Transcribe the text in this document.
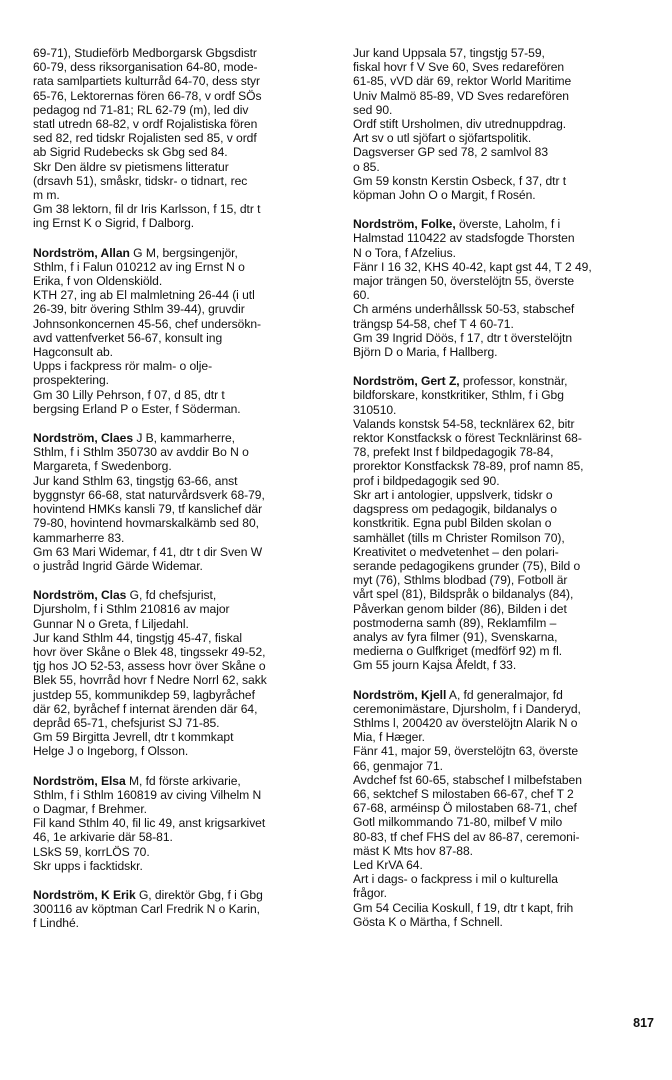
69-71), Studieförb Medborgarsk Gbgsdistr

60-79, dess riksorganisation 64-80, mode-

rata samlpartiets kulturråd 64-70, dess styr

65-76, Lektorernas fören 66-78, v ordf SÖs

pedagog nd 71-81; RL 62-79 (m), led div

statl utredn 68-82, v ordf Rojalistiska fören

sed 82, red tidskr Rojalisten sed 85, v ordf

ab Sigrid Rudebecks sk Gbg sed 84.

Skr Den äldre sv pietismens litteratur

(drsavh 51), småskr, tidskr- o tidnart, rec

m m.

Gm 38 lektorn, fil dr Iris Karlsson, f 15, dtr t

ing Ernst K o Sigrid, f Dalborg.

Nordström, Allan G M, bergsingenjör,

Sthlm, f i Falun 010212 av ing Ernst N o

Erika, f von Oldenskiöld.

KTH 27, ing ab El malmletning 26-44 (i utl

26-39, bitr övering Sthlm 39-44), gruvdir

Johnsonkoncernen 45-56, chef undersökn-

avd vattenfverket 56-67, konsult ing

Hagconsult ab.

Upps i fackpress rör malm- o olje-

prospektering.

Gm 30 Lilly Pehrson, f 07, d 85, dtr t

bergsing Erland P o Ester, f Söderman.

Nordström, Claes J B, kammarherre,

Sthlm, f i Sthlm 350730 av avddir Bo N o

Margareta, f Swedenborg.

Jur kand Sthlm 63, tingstjg 63-66, anst

byggnstyr 66-68, stat naturvårdsverk 68-79,

hovintend HMKs kansli 79, tf kanslichef där

79-80, hovintend hovmarskalkämb sed 80,

kammarherre 83.

Gm 63 Mari Widemar, f 41, dtr t dir Sven W

o justråd Ingrid Gärde Widemar.

Nordström, Clas G, fd chefsjurist,

Djursholm, f i Sthlm 210816 av major

Gunnar N o Greta, f Liljedahl.

Jur kand Sthlm 44, tingstjg 45-47, fiskal

hovr över Skåne o Blek 48, tingssekr 49-52,

tjg hos JO 52-53, assess hovr över Skåne o

Blek 55, hovrråd hovr f Nedre Norrl 62, sakk

justdep 55, kommunikdep 59, lagbyråchef

där 62, byråchef f internat ärenden där 64,

depråd 65-71, chefsjurist SJ 71-85.

Gm 59 Birgitta Jevrell, dtr t kommkapt

Helge J o Ingeborg, f Olsson.

Nordström, Elsa M, fd förste arkivarie,

Sthlm, f i Sthlm 160819 av civing Vilhelm N

o Dagmar, f Brehmer.

Fil kand Sthlm 40, fil lic 49, anst krigsarkivet

46, 1e arkivarie där 58-81.

LSkS 59, korrLÖS 70.

Skr upps i facktidskr.

Nordström, K Erik G, direktör Gbg, f i Gbg

300116 av köptman Carl Fredrik N o Karin,

f Lindhé.

Jur kand Uppsala 57, tingstjg 57-59,

fiskal hovr f V Sve 60, Sves redarefören

61-85, vVD där 69, rektor World Maritime

Univ Malmö 85-89, VD Sves redarefören

sed 90.

Ordf stift Ursholmen, div utrednuppdrag.

Art sv o utl sjöfart o sjöfartspolitik.

Dagsverser GP sed 78, 2 samlvol 83

o 85.

Gm 59 konstn Kerstin Osbeck, f 37, dtr t

köpman John O o Margit, f Rosén.

Nordström, Folke, överste, Laholm, f i

Halmstad 110422 av stadsfogde Thorsten

N o Tora, f Afzelius.

Fänr I 16 32, KHS 40-42, kapt gst 44, T 2 49,

major trängen 50, överstelöjtn 55, överste

60.

Ch arméns underhållssk 50-53, stabschef

trängsp 54-58, chef T 4 60-71.

Gm 39 Ingrid Döös, f 17, dtr t överstelöjtn

Björn D o Maria, f Hallberg.

Nordström, Gert Z, professor, konstnär,

bildforskare, konstkritiker, Sthlm, f i Gbg

310510.

Valands konstsk 54-58, tecknlärex 62, bitr

rektor Konstfacksk o förest Tecknlärinst 68-

78, prefekt Inst f bildpedagogik 78-84,

prorektor Konstfacksk 78-89, prof namn 85,

prof i bildpedagogik sed 90.

Skr art i antologier, uppslverk, tidskr o

dagspress om pedagogik, bildanalys o

konstkritik. Egna publ Bilden skolan o

samhället (tills m Christer Romilson 70),

Kreativitet o medvetenhet – den polari-

serande pedagogikens grunder (75), Bild o

myt (76), Sthlms blodbad (79), Fotboll är

vårt spel (81), Bildspråk o bildanalys (84),

Påverkan genom bilder (86), Bilden i det

postmoderna samh (89), Reklamfilm –

analys av fyra filmer (91), Svenskarna,

medierna o Gulfkriget (medförf 92) m fl.

Gm 55 journ Kajsa Åfeldt, f 33.

Nordström, Kjell A, fd generalmajor, fd

ceremonimästare, Djursholm, f i Danderyd,

Sthlms l, 200420 av överstelöjtn Alarik N o

Mia, f Hæger.

Fänr 41, major 59, överstelöjtn 63, överste

66, genmajor 71.

Avdchef fst 60-65, stabschef I milbefstaben

66, sektchef S milostaben 66-67, chef T 2

67-68, arméinsp Ö milostaben 68-71, chef

Gotl milkommando 71-80, milbef V milo

80-83, tf chef FHS del av 86-87, ceremoni-

mäst K Mts hov 87-88.

Led KrVA 64.

Art i dags- o fackpress i mil o kulturella

frågor.

Gm 54 Cecilia Koskull, f 19, dtr t kapt, frih

Gösta K o Märtha, f Schnell.

817
